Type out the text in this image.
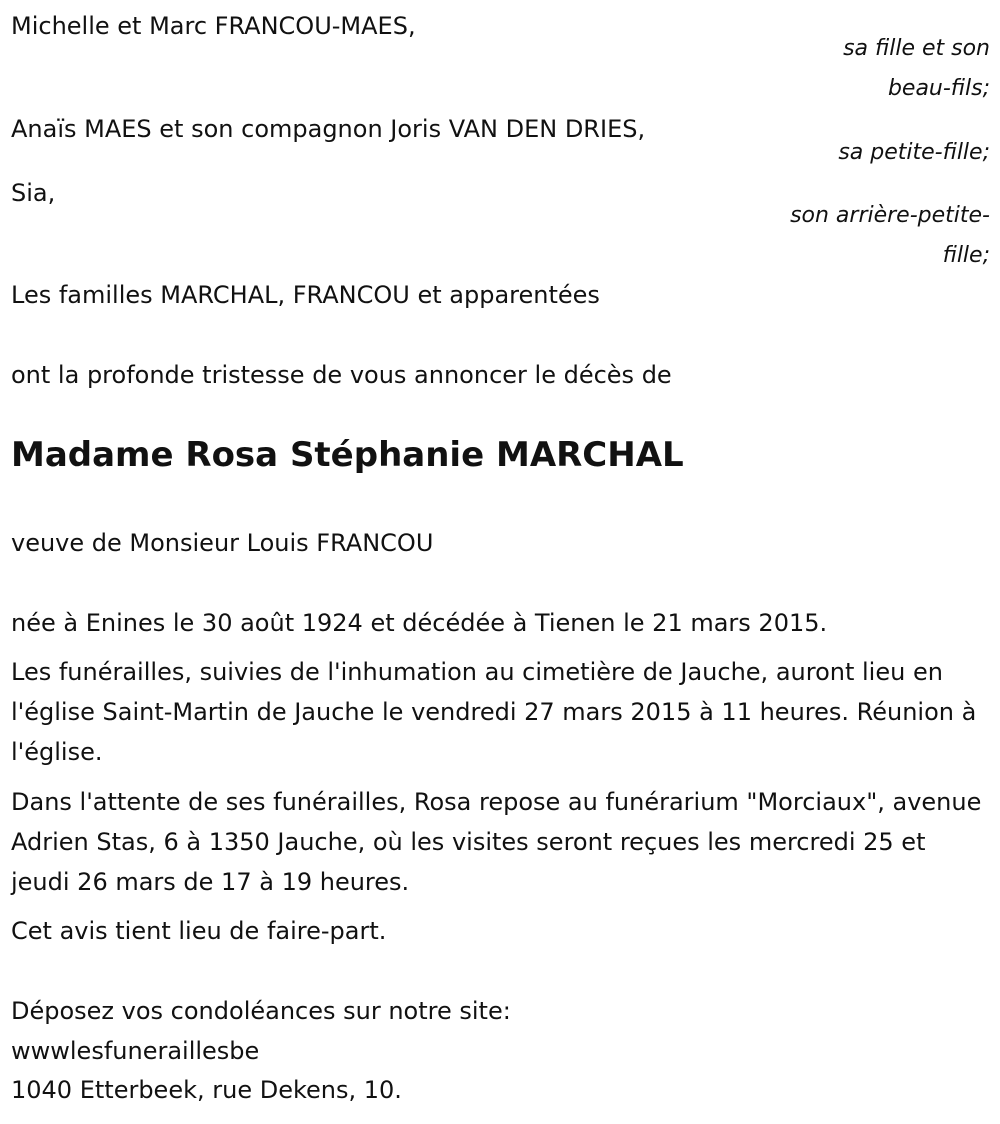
Michelle et Marc FRANCOU-MAES,
sa fille et son
beau-fils;
Anaïs MAES et son compagnon Joris VAN DEN DRIES,
sa petite-fille;
Sia,
son arrière-petite-
fille;
Les familles MARCHAL, FRANCOU et apparentées
ont la profonde tristesse de vous annoncer le décès de
Madame Rosa Stéphanie MARCHAL
veuve de Monsieur Louis FRANCOU
née à Enines le 30 août 1924 et décédée à Tienen le 21 mars 2015.
Les funérailles, suivies de l'inhumation au cimetière de Jauche, auront lieu en l'église Saint-Martin de Jauche le vendredi 27 mars 2015 à 11 heures. Réunion à l'église.
Dans l'attente de ses funérailles, Rosa repose au funérarium "Morciaux", avenue Adrien Stas, 6 à 1350 Jauche, où les visites seront reçues les mercredi 25 et jeudi 26 mars de 17 à 19 heures.
Cet avis tient lieu de faire-part.
Déposez vos condoléances sur notre site:
wwwlesfuneraillesbe
1040 Etterbeek, rue Dekens, 10.
